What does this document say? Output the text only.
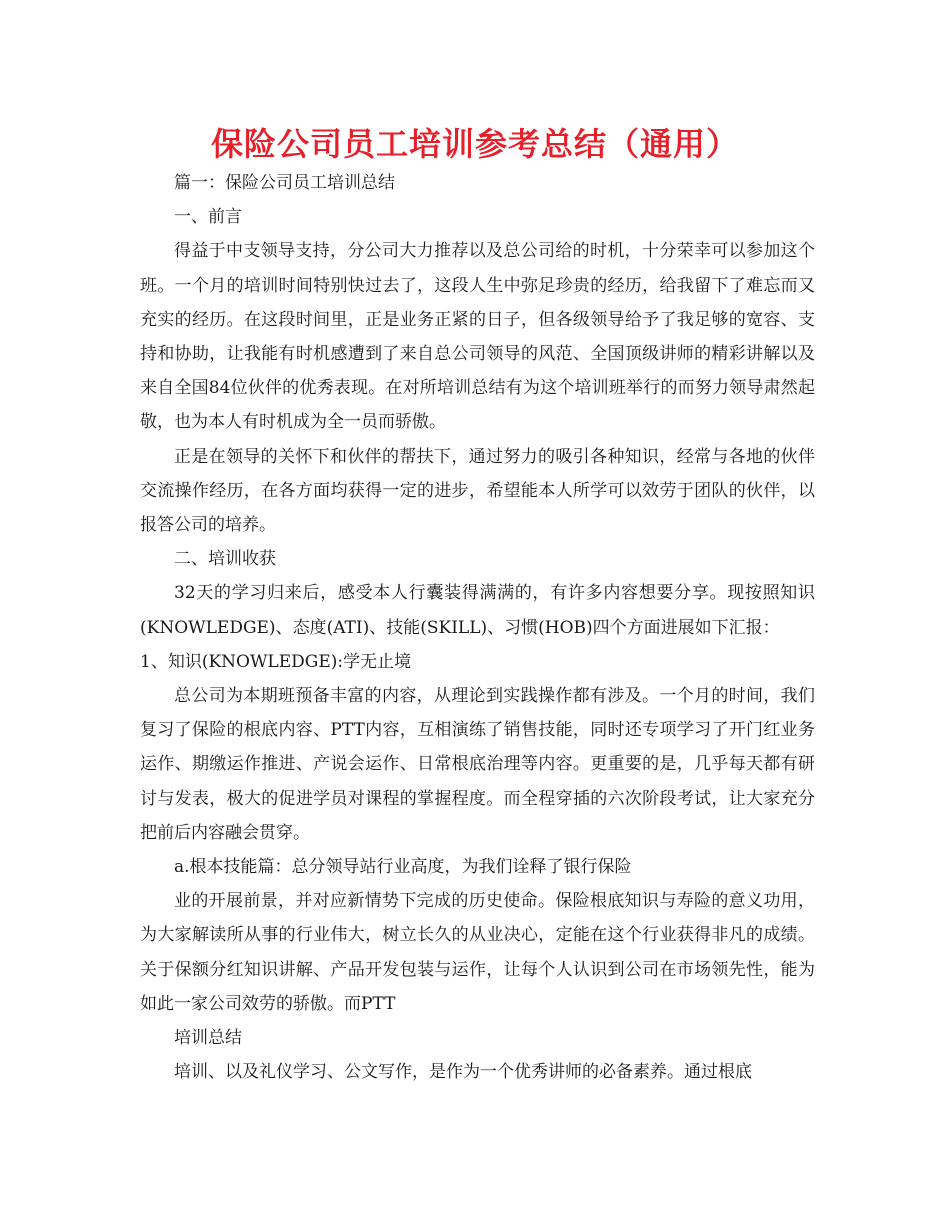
保险公司员工培训参考总结（通用）

篇一：保险公司员工培训总结

一、前言

得益于中支领导支持，分公司大力推荐以及总公司给的时机，十分荣幸可以参加这个班。一个月的培训时间特别快过去了，这段人生中弥足珍贵的经历，给我留下了难忘而又充实的经历。在这段时间里，正是业务正紧的日子，但各级领导给予了我足够的宽容、支持和协助，让我能有时机感遭到了来自总公司领导的风范、全国顶级讲师的精彩讲解以及来自全国84位伙伴的优秀表现。在对所培训总结有为这个培训班举行的而努力领导肃然起敬，也为本人有时机成为全一员而骄傲。

正是在领导的关怀下和伙伴的帮扶下，通过努力的吸引各种知识，经常与各地的伙伴交流操作经历，在各方面均获得一定的进步，希望能本人所学可以效劳于团队的伙伴，以报答公司的培养。

二、培训收获

32天的学习归来后，感受本人行囊装得满满的，有许多内容想要分享。现按照知识(KNOWLEDGE)、态度(ATI)、技能(SKILL)、习惯(HOB)四个方面进展如下汇报：

1、知识(KNOWLEDGE):学无止境

总公司为本期班预备丰富的内容，从理论到实践操作都有涉及。一个月的时间，我们复习了保险的根底内容、PTT内容，互相演练了销售技能，同时还专项学习了开门红业务运作、期缴运作推进、产说会运作、日常根底治理等内容。更重要的是，几乎每天都有研讨与发表，极大的促进学员对课程的掌握程度。而全程穿插的六次阶段考试，让大家充分把前后内容融会贯穿。

a.根本技能篇：总分领导站行业高度，为我们诠释了银行保险

业的开展前景，并对应新情势下完成的历史使命。保险根底知识与寿险的意义功用，为大家解读所从事的行业伟大，树立长久的从业决心，定能在这个行业获得非凡的成绩。关于保额分红知识讲解、产品开发包装与运作，让每个人认识到公司在市场领先性，能为如此一家公司效劳的骄傲。而PTT

培训总结

培训、以及礼仪学习、公文写作，是作为一个优秀讲师的必备素养。通过根底
